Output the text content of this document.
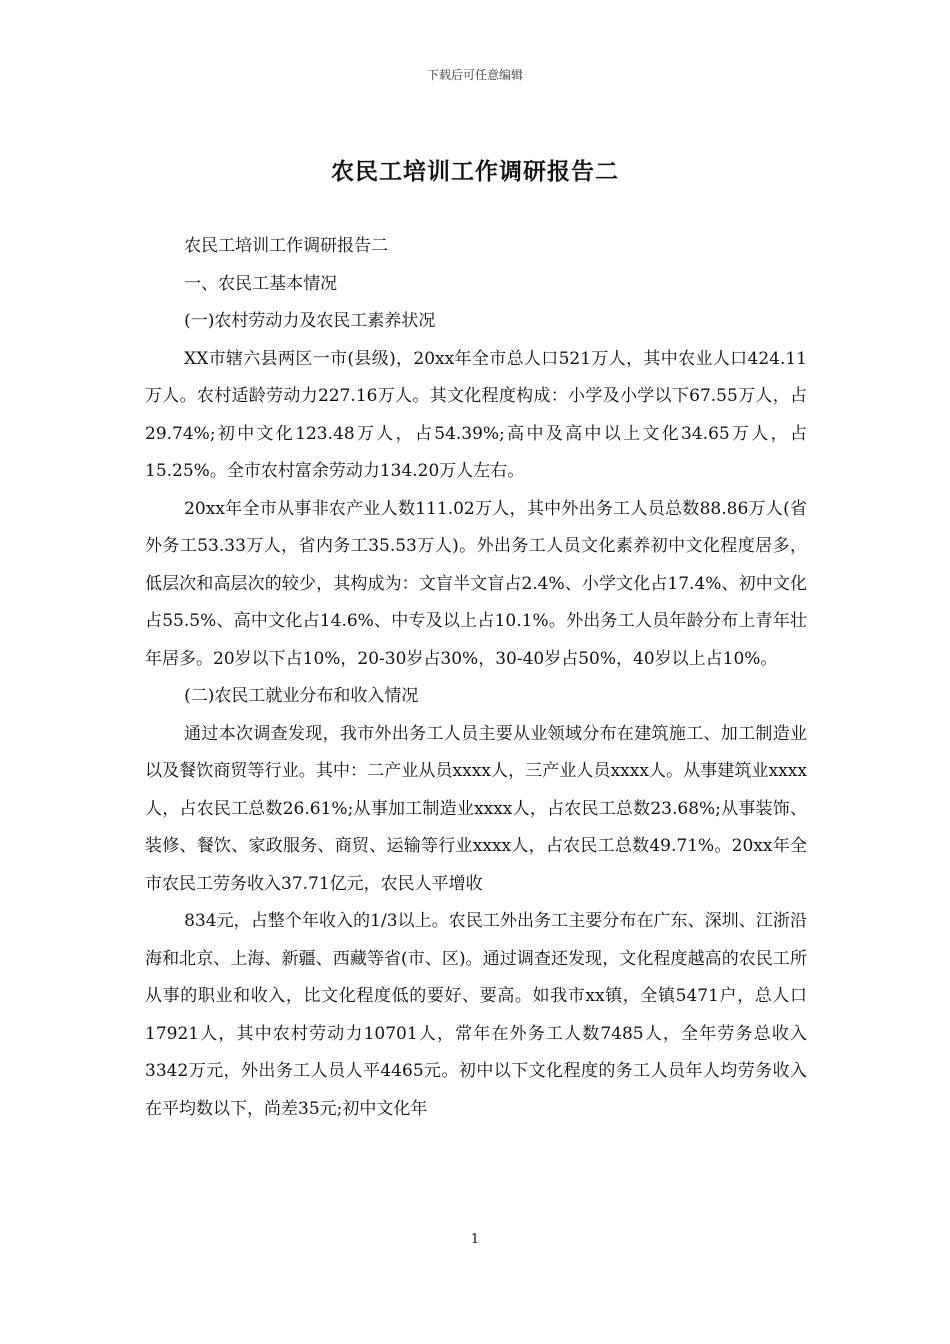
下载后可任意编辑
农民工培训工作调研报告二

农民工培训工作调研报告二

一、农民工基本情况

(一)农村劳动力及农民工素养状况

XX市辖六县两区一市(县级)，20xx年全市总人口521万人，其中农业人口424.11万人。农村适龄劳动力227.16万人。其文化程度构成：小学及小学以下67.55万人，占29.74%;初中文化123.48万人，占54.39%;高中及高中以上文化34.65万人，占15.25%。全市农村富余劳动力134.20万人左右。

20xx年全市从事非农产业人数111.02万人，其中外出务工人员总数88.86万人(省外务工53.33万人，省内务工35.53万人)。外出务工人员文化素养初中文化程度居多，低层次和高层次的较少，其构成为：文盲半文盲占2.4%、小学文化占17.4%、初中文化占55.5%、高中文化占14.6%、中专及以上占10.1%。外出务工人员年龄分布上青年壮年居多。20岁以下占10%，20-30岁占30%，30-40岁占50%，40岁以上占10%。

(二)农民工就业分布和收入情况

通过本次调查发现，我市外出务工人员主要从业领域分布在建筑施工、加工制造业以及餐饮商贸等行业。其中：二产业从员xxxx人，三产业人员xxxx人。从事建筑业xxxx人，占农民工总数26.61%;从事加工制造业xxxx人，占农民工总数23.68%;从事装饰、装修、餐饮、家政服务、商贸、运输等行业xxxx人，占农民工总数49.71%。20xx年全市农民工劳务收入37.71亿元，农民人平增收

834元，占整个年收入的1/3以上。农民工外出务工主要分布在广东、深圳、江浙沿海和北京、上海、新疆、西藏等省(市、区)。通过调查还发现，文化程度越高的农民工所从事的职业和收入，比文化程度低的要好、要高。如我市xx镇，全镇5471户，总人口17921人，其中农村劳动力10701人，常年在外务工人数7485人，全年劳务总收入3342万元，外出务工人员人平4465元。初中以下文化程度的务工人员年人均劳务收入在平均数以下，尚差35元;初中文化年

1
